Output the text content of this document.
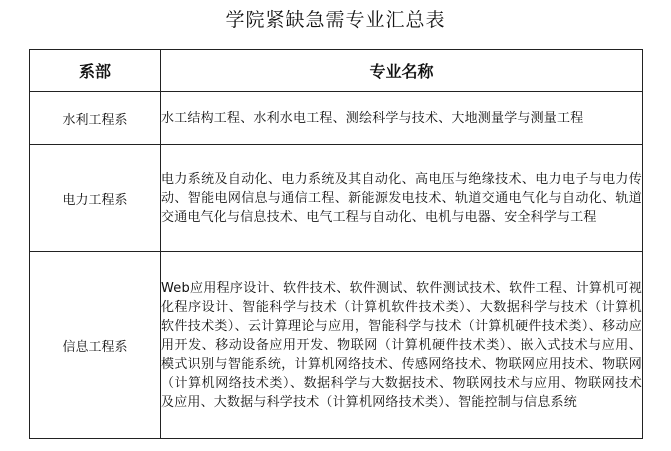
学院紧缺急需专业汇总表
系部	专业名称
水利工程系	水工结构工程、水利水电工程、测绘科学与技术、大地测量学与测量工程
电力工程系	电力系统及自动化、电力系统及其自动化、高电压与绝缘技术、电力电子与电力传动、智能电网信息与通信工程、新能源发电技术、轨道交通电气化与自动化、轨道交通电气化与信息技术、电气工程与自动化、电机与电器、安全科学与工程
信息工程系	Web应用程序设计、软件技术、软件测试、软件测试技术、软件工程、计算机可视化程序设计、智能科学与技术（计算机软件技术类）、大数据科学与技术（计算机软件技术类）、云计算理论与应用，智能科学与技术（计算机硬件技术类）、移动应用开发、移动设备应用开发、物联网（计算机硬件技术类）、嵌入式技术与应用、模式识别与智能系统，计算机网络技术、传感网络技术、物联网应用技术、物联网（计算机网络技术类）、数据科学与大数据技术、物联网技术与应用、物联网技术及应用、大数据与科学技术（计算机网络技术类）、智能控制与信息系统
